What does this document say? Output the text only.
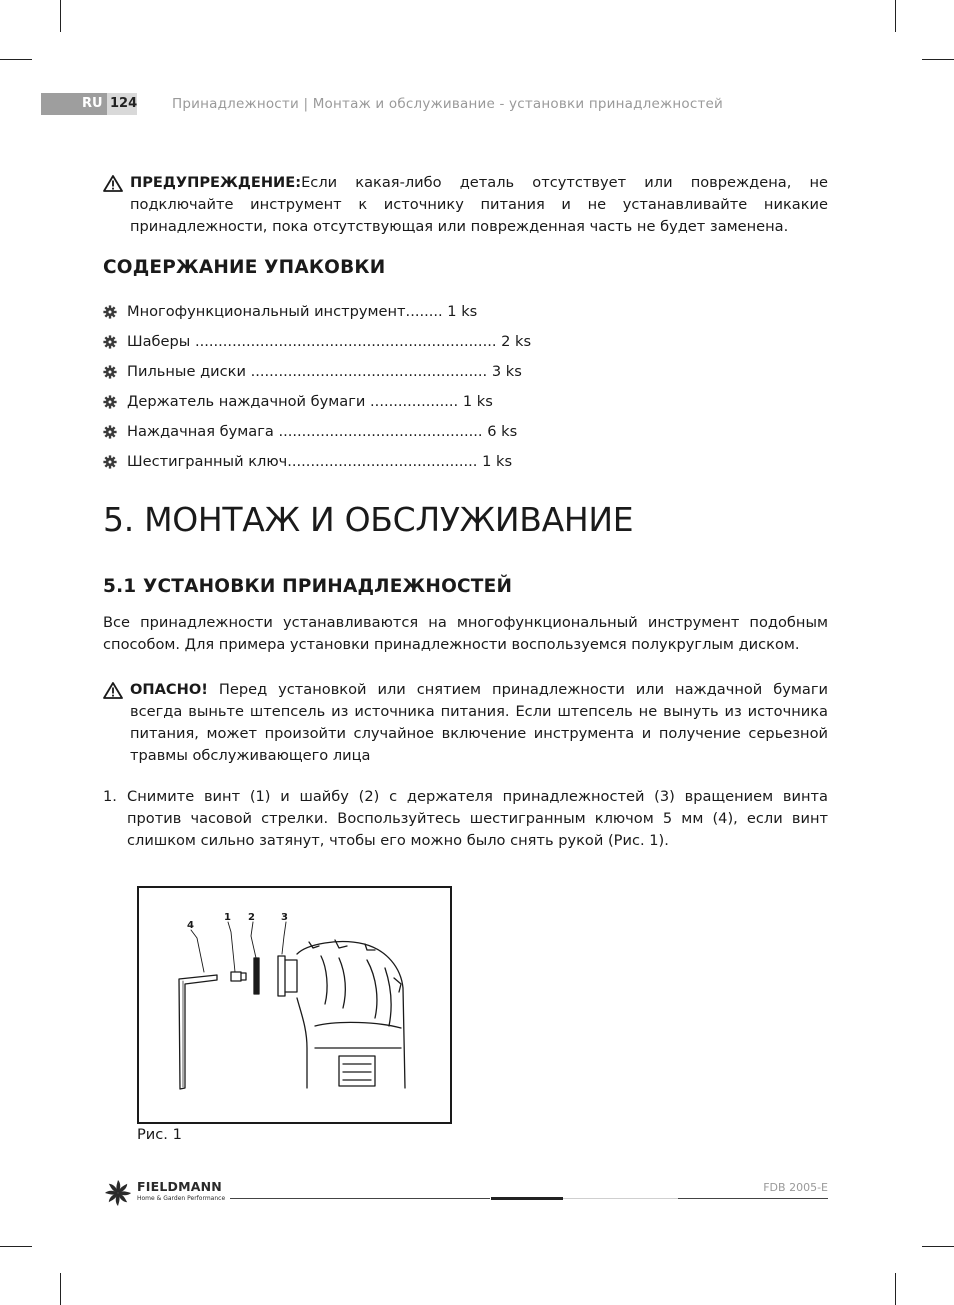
RU 124	Принадлежности | Монтаж и обслуживание - установки принадлежностей
ПРЕДУПРЕЖДЕНИЕ:Если какая-либо деталь отсутствует или повреждена, не подключайте инструмент к источнику питания и не устанавливайте никакие принадлежности, пока отсутствующая или поврежденная часть не будет заменена.
СОДЕРЖАНИЕ УПАКОВКИ
Многофункциональный инструмент........ 1 ks
Шаберы ................................................................. 2 ks
Пильные диски ................................................... 3 ks
Держатель наждачной бумаги ................... 1 ks
Наждачная бумага ............................................ 6 ks
Шестигранный ключ......................................... 1 ks
5. МОНТАЖ И ОБСЛУЖИВАНИЕ
5.1 УСТАНОВКИ ПРИНАДЛЕЖНОСТЕЙ

Все принадлежности устанавливаются на многофункциональный инструмент подобным способом. Для примера установки принадлежности воспользуемся полукруглым диском.

ОПАСНО! Перед установкой или снятием принадлежности или наждачной бумаги всегда выньте штепсель из источника питания. Если штепсель не вынуть из источника питания, может произойти случайное включение инструмента и получение серьезной травмы обслуживающего лица
1. Снимите винт (1) и шайбу (2) с держателя принадлежностей (3) вращением винта против часовой стрелки. Воспользуйтесь шестигранным ключом 5 мм (4), если винт слишком сильно затянут, чтобы его можно было снять рукой (Рис. 1).
4
1 2	3
Рис. 1
FIELDMANN
Home & Garden Performance
FDB 2005-E
